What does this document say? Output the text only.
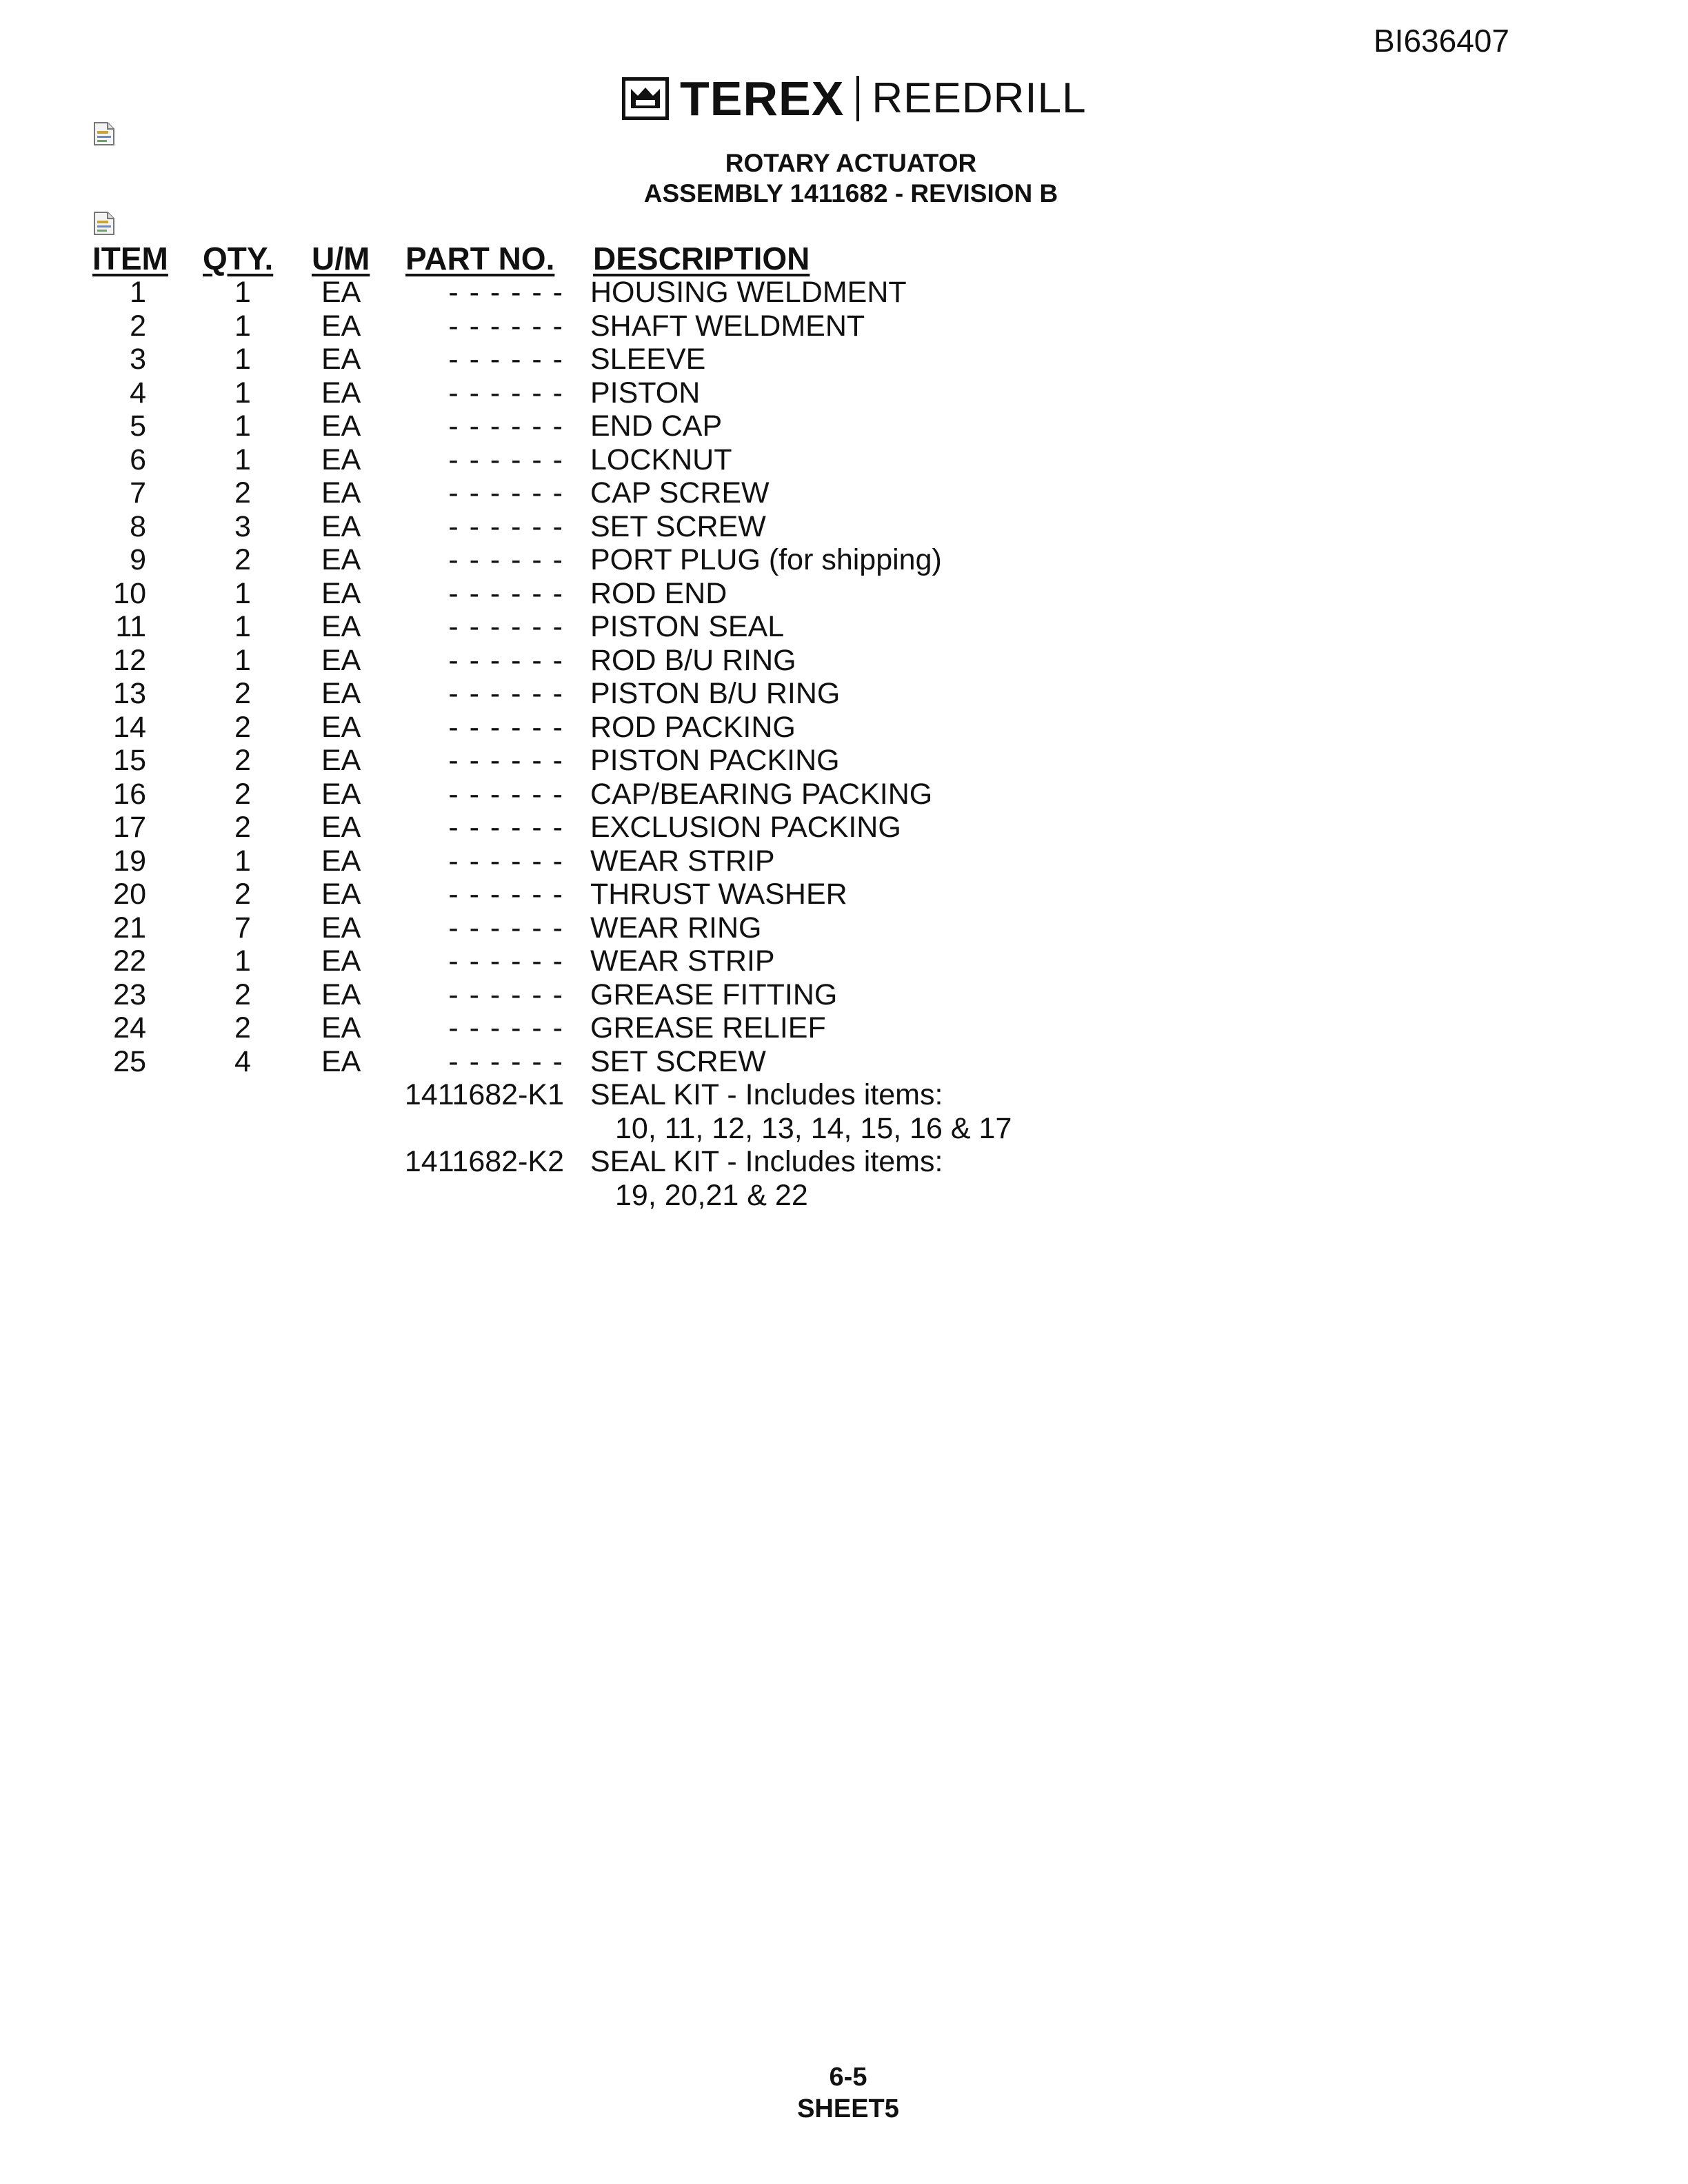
BI636407
TEREX REEDRILL
ROTARY ACTUATOR
ASSEMBLY 1411682 - REVISION B
ITEM QTY. U/M PART NO. DESCRIPTION
1	1 EA	- - - - - - HOUSING WELDMENT
2	1 EA	- - - - - - SHAFT WELDMENT
3	1 EA	- - - - - - SLEEVE
4	1 EA	- - - - - - PISTON
5	1 EA	- - - - - - END CAP
6	1 EA	- - - - - - LOCKNUT
7	2 EA	- - - - - - CAP SCREW
8	3 EA	- - - - - - SET SCREW
9	2 EA	- - - - - - PORT PLUG (for shipping)
10	1 EA	- - - - - - ROD END
11	1 EA	- - - - - - PISTON SEAL
12	1 EA	- - - - - - ROD B/U RING
13	2 EA	- - - - - - PISTON B/U RING
14	2 EA	- - - - - - ROD PACKING
15	2 EA	- - - - - - PISTON PACKING
16	2 EA	- - - - - - CAP/BEARING PACKING
17	2 EA	- - - - - - EXCLUSION PACKING
19	1 EA	- - - - - - WEAR STRIP
20	2 EA	- - - - - - THRUST WASHER
21	7 EA	- - - - - - WEAR RING
22	1 EA	- - - - - - WEAR STRIP
23	2 EA	- - - - - - GREASE FITTING
24	2 EA	- - - - - - GREASE RELIEF
25	4 EA	- - - - - - SET SCREW
1411682-K1 SEAL KIT - Includes items:
10, 11, 12, 13, 14, 15, 16 & 17
1411682-K2 SEAL KIT - Includes items:
19, 20,21 & 22
6-5
SHEET5
